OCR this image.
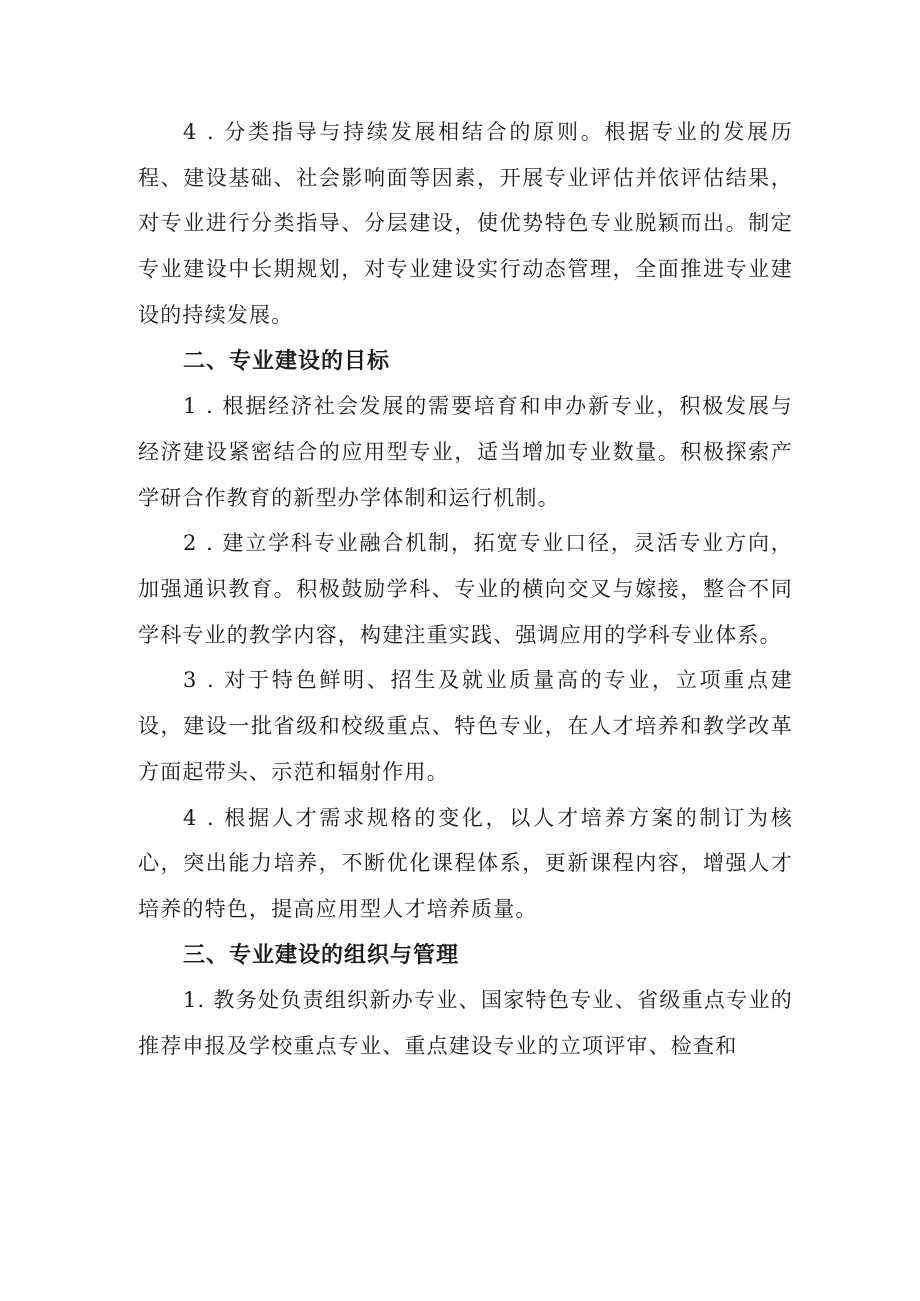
4 . 分类指导与持续发展相结合的原则。根据专业的发展历程、建设基础、社会影响面等因素，开展专业评估并依评估结果，对专业进行分类指导、分层建设，使优势特色专业脱颖而出。制定专业建设中长期规划，对专业建设实行动态管理，全面推进专业建设的持续发展。

二、专业建设的目标

1 . 根据经济社会发展的需要培育和申办新专业，积极发展与经济建设紧密结合的应用型专业，适当增加专业数量。积极探索产学研合作教育的新型办学体制和运行机制。

2 . 建立学科专业融合机制，拓宽专业口径，灵活专业方向，加强通识教育。积极鼓励学科、专业的横向交叉与嫁接，整合不同学科专业的教学内容，构建注重实践、强调应用的学科专业体系。

3 . 对于特色鲜明、招生及就业质量高的专业，立项重点建设，建设一批省级和校级重点、特色专业，在人才培养和教学改革方面起带头、示范和辐射作用。

4 . 根据人才需求规格的变化，以人才培养方案的制订为核心，突出能力培养，不断优化课程体系，更新课程内容，增强人才培养的特色，提高应用型人才培养质量。

三、专业建设的组织与管理

1. 教务处负责组织新办专业、国家特色专业、省级重点专业的推荐申报及学校重点专业、重点建设专业的立项评审、检查和
